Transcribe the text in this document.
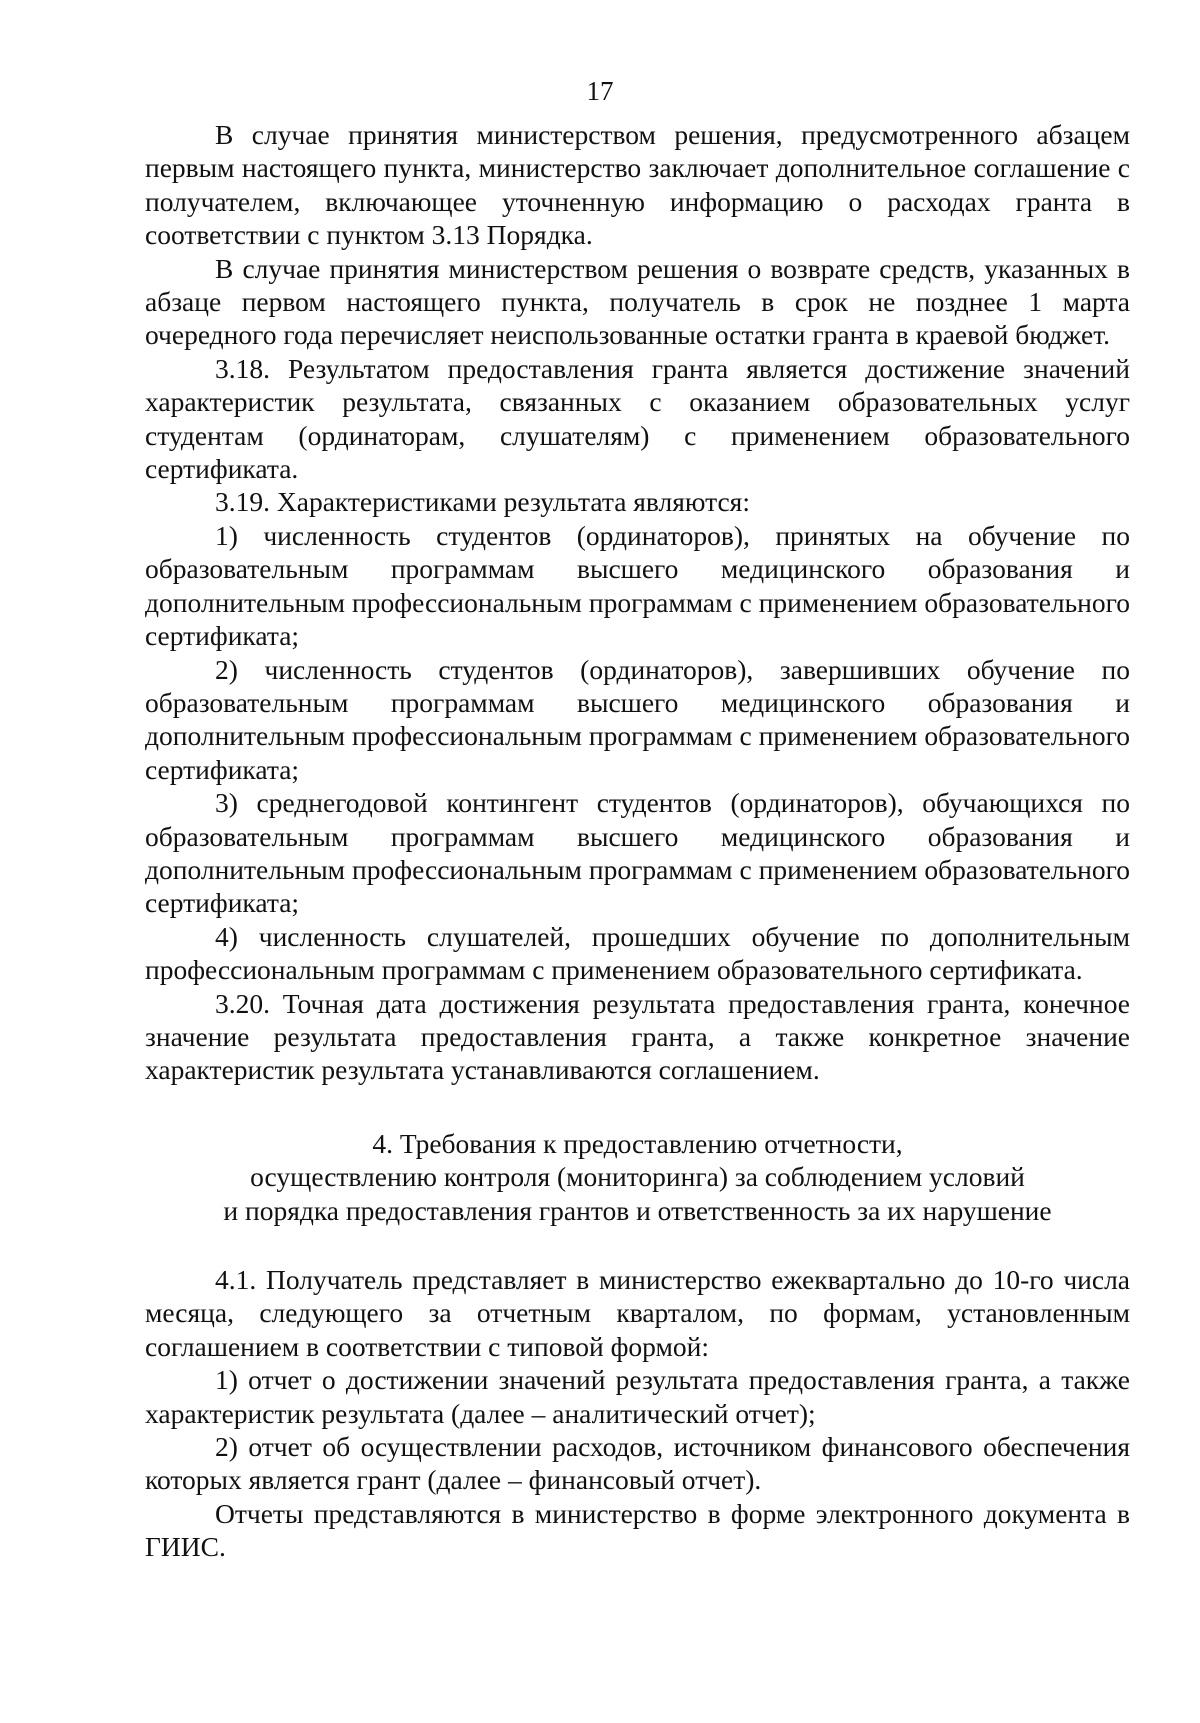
17

В случае принятия министерством решения, предусмотренного абзацем первым настоящего пункта, министерство заключает дополнительное соглашение с получателем, включающее уточненную информацию о расходах гранта в соответствии с пунктом 3.13 Порядка.

В случае принятия министерством решения о возврате средств, указанных в абзаце первом настоящего пункта, получатель в срок не позднее 1 марта очередного года перечисляет неиспользованные остатки гранта в краевой бюджет.

3.18. Результатом предоставления гранта является достижение значений характеристик результата, связанных с оказанием образовательных услуг студентам (ординаторам, слушателям) с применением образовательного сертификата.

3.19. Характеристиками результата являются:

1) численность студентов (ординаторов), принятых на обучение по образовательным программам высшего медицинского образования и дополнительным профессиональным программам с применением образовательного сертификата;

2) численность студентов (ординаторов), завершивших обучение по образовательным программам высшего медицинского образования и дополнительным профессиональным программам с применением образовательного сертификата;

3) среднегодовой контингент студентов (ординаторов), обучающихся по образовательным программам высшего медицинского образования и дополнительным профессиональным программам с применением образовательного сертификата;

4) численность слушателей, прошедших обучение по дополнительным профессиональным программам с применением образовательного сертификата.

3.20. Точная дата достижения результата предоставления гранта, конечное значение результата предоставления гранта, а также конкретное значение характеристик результата устанавливаются соглашением.

4. Требования к предоставлению отчетности,
осуществлению контроля (мониторинга) за соблюдением условий
и порядка предоставления грантов и ответственность за их нарушение

4.1. Получатель представляет в министерство ежеквартально до 10-го числа месяца, следующего за отчетным кварталом, по формам, установленным соглашением в соответствии с типовой формой:

1) отчет о достижении значений результата предоставления гранта, а также характеристик результата (далее – аналитический отчет);

2) отчет об осуществлении расходов, источником финансового обеспечения которых является грант (далее – финансовый отчет).

Отчеты представляются в министерство в форме электронного документа в ГИИС.
